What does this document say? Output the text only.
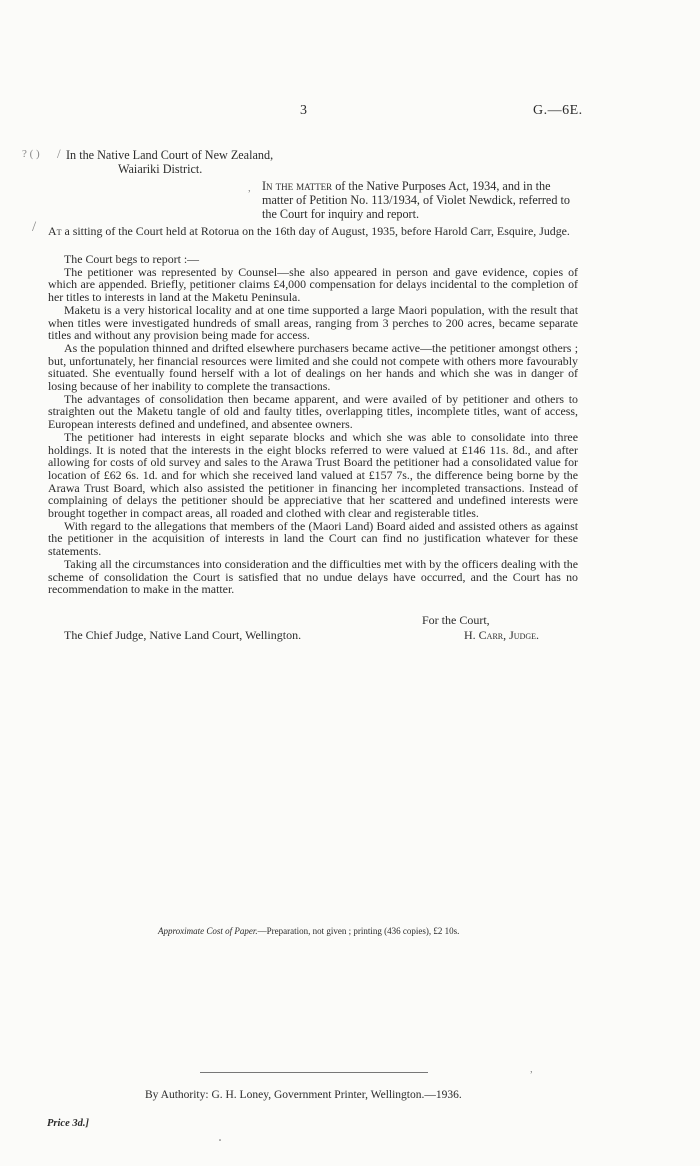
3	G.—6E.
? ( ) /
,
/
In the Native Land Court of New Zealand,
Waiariki District.
In the matter of the Native Purposes Act, 1934, and in the matter of Petition No. 113/1934, of Violet Newdick, referred to the Court for inquiry and report.

At a sitting of the Court held at Rotorua on the 16th day of August, 1935, before Harold Carr, Esquire, Judge.

The Court begs to report :—

The petitioner was represented by Counsel—she also appeared in person and gave evidence, copies of which are appended. Briefly, petitioner claims £4,000 compensation for delays incidental to the completion of her titles to interests in land at the Maketu Peninsula.

Maketu is a very historical locality and at one time supported a large Maori population, with the result that when titles were investigated hundreds of small areas, ranging from 3 perches to 200 acres, became separate titles and without any provision being made for access.

As the population thinned and drifted elsewhere purchasers became active—the petitioner amongst others ; but, unfortunately, her financial resources were limited and she could not compete with others more favourably situated. She eventually found herself with a lot of dealings on her hands and which she was in danger of losing because of her inability to complete the transactions.

The advantages of consolidation then became apparent, and were availed of by petitioner and others to straighten out the Maketu tangle of old and faulty titles, overlapping titles, incomplete titles, want of access, European interests defined and undefined, and absentee owners.

The petitioner had interests in eight separate blocks and which she was able to consolidate into three holdings. It is noted that the interests in the eight blocks referred to were valued at £146 11s. 8d., and after allowing for costs of old survey and sales to the Arawa Trust Board the petitioner had a consolidated value for location of £62 6s. 1d. and for which she received land valued at £157 7s., the difference being borne by the Arawa Trust Board, which also assisted the petitioner in financing her incompleted transactions. Instead of complaining of delays the petitioner should be appreciative that her scattered and undefined interests were brought together in compact areas, all roaded and clothed with clear and registerable titles.

With regard to the allegations that members of the (Maori Land) Board aided and assisted others as against the petitioner in the acquisition of interests in land the Court can find no justification whatever for these statements.

Taking all the circumstances into consideration and the difficulties met with by the officers dealing with the scheme of consolidation the Court is satisfied that no undue delays have occurred, and the Court has no recommendation to make in the matter.

For the Court,
The Chief Judge, Native Land Court, Wellington.	H. Carr, Judge.
Approximate Cost of Paper.—Preparation, not given ; printing (436 copies), £2 10s.
,
By Authority: G. H. Loney, Government Printer, Wellington.—1936.
Price 3d.]
.
